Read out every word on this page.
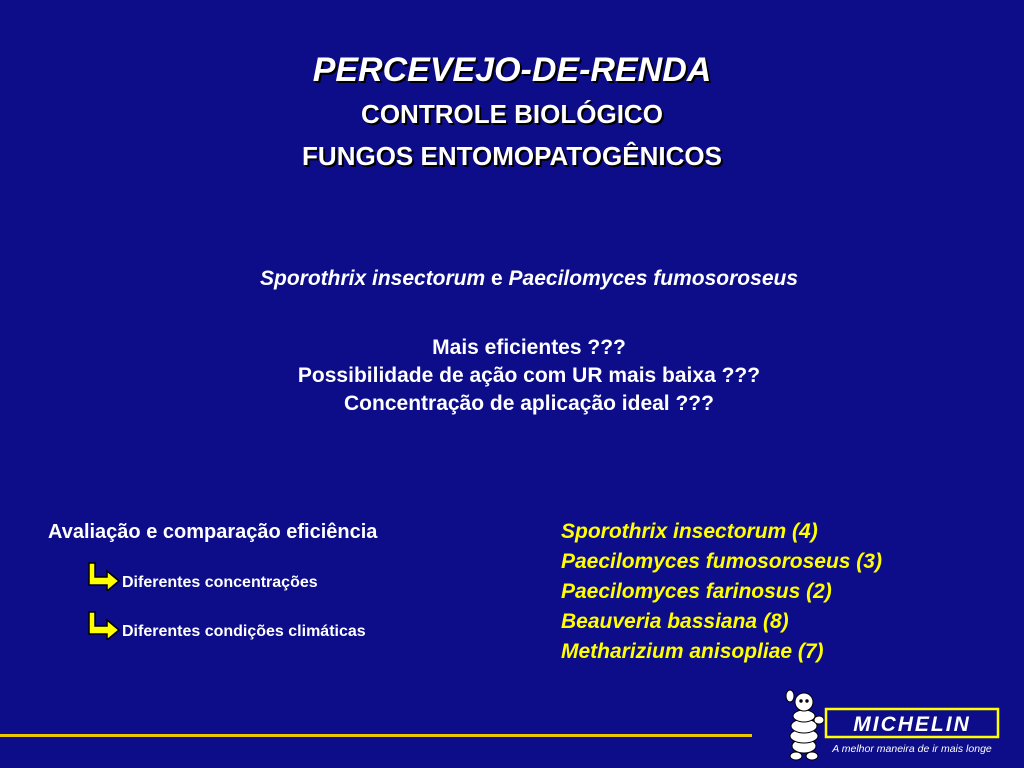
PERCEVEJO-DE-RENDA
CONTROLE BIOLÓGICO
FUNGOS ENTOMOPATOGÊNICOS
Sporothrix insectorum e Paecilomyces fumosoroseus
Mais eficientes ???
Possibilidade de ação com UR mais baixa ???
Concentração de aplicação ideal ???
Avaliação e comparação eficiência
Diferentes concentrações
Diferentes condições climáticas
Sporothrix insectorum (4)
Paecilomyces fumosoroseus (3)
Paecilomyces farinosus (2)
Beauveria bassiana (8)
Metharizium anisopliae (7)
MICHELIN
A melhor maneira de ir mais longe
